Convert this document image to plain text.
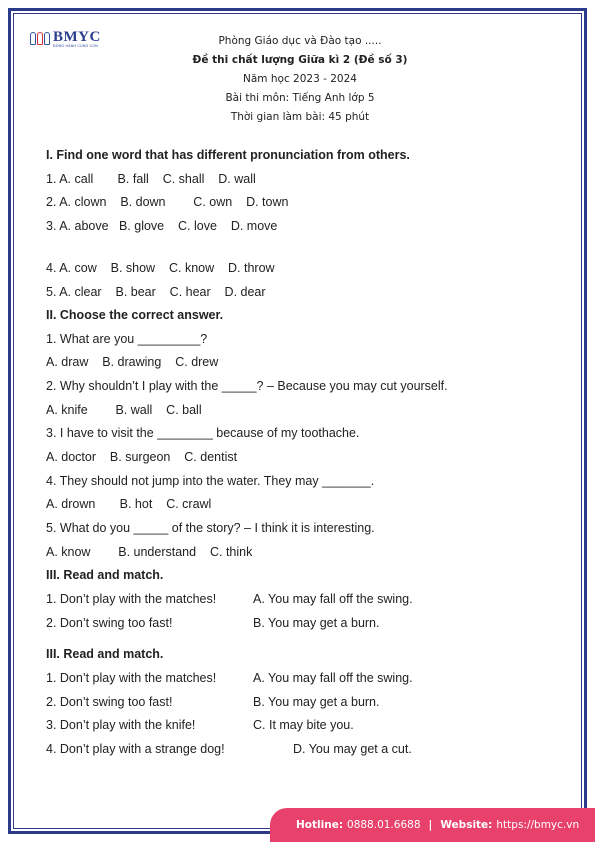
BMYC
ĐỒNG HÀNH CÙNG CON	Phòng Giáo dục và Đào tạo .....
Đề thi chất lượng Giữa kì 2 (Đề số 3)
Năm học 2023 - 2024
Bài thi môn: Tiếng Anh lớp 5
Thời gian làm bài: 45 phút
I. Find one word that has different pronunciation from others.
1. A. call       B. fall    C. shall    D. wall
2. A. clown    B. down        C. own    D. town
3. A. above   B. glove    C. love    D. move
4. A. cow    B. show    C. know    D. throw
5. A. clear    B. bear    C. hear    D. dear
II. Choose the correct answer.
1. What are you _________?
A. draw    B. drawing    C. drew
2. Why shouldn’t I play with the _____? – Because you may cut yourself.
A. knife        B. wall    C. ball
3. I have to visit the ________ because of my toothache.
A. doctor    B. surgeon    C. dentist
4. They should not jump into the water. They may _______.
A. drown       B. hot    C. crawl
5. What do you _____ of the story? – I think it is interesting.
A. know        B. understand    C. think
III. Read and match.
1. Don’t play with the matches!	A. You may fall off the swing.
2. Don’t swing too fast!	B. You may get a burn.
III. Read and match.
1. Don’t play with the matches!	A. You may fall off the swing.
2. Don’t swing too fast!	B. You may get a burn.
3. Don’t play with the knife!	C. It may bite you.
4. Don’t play with a strange dog!	D. You may get a cut.
Hotline: 0888.01.6688 | Website: https://bmyc.vn
